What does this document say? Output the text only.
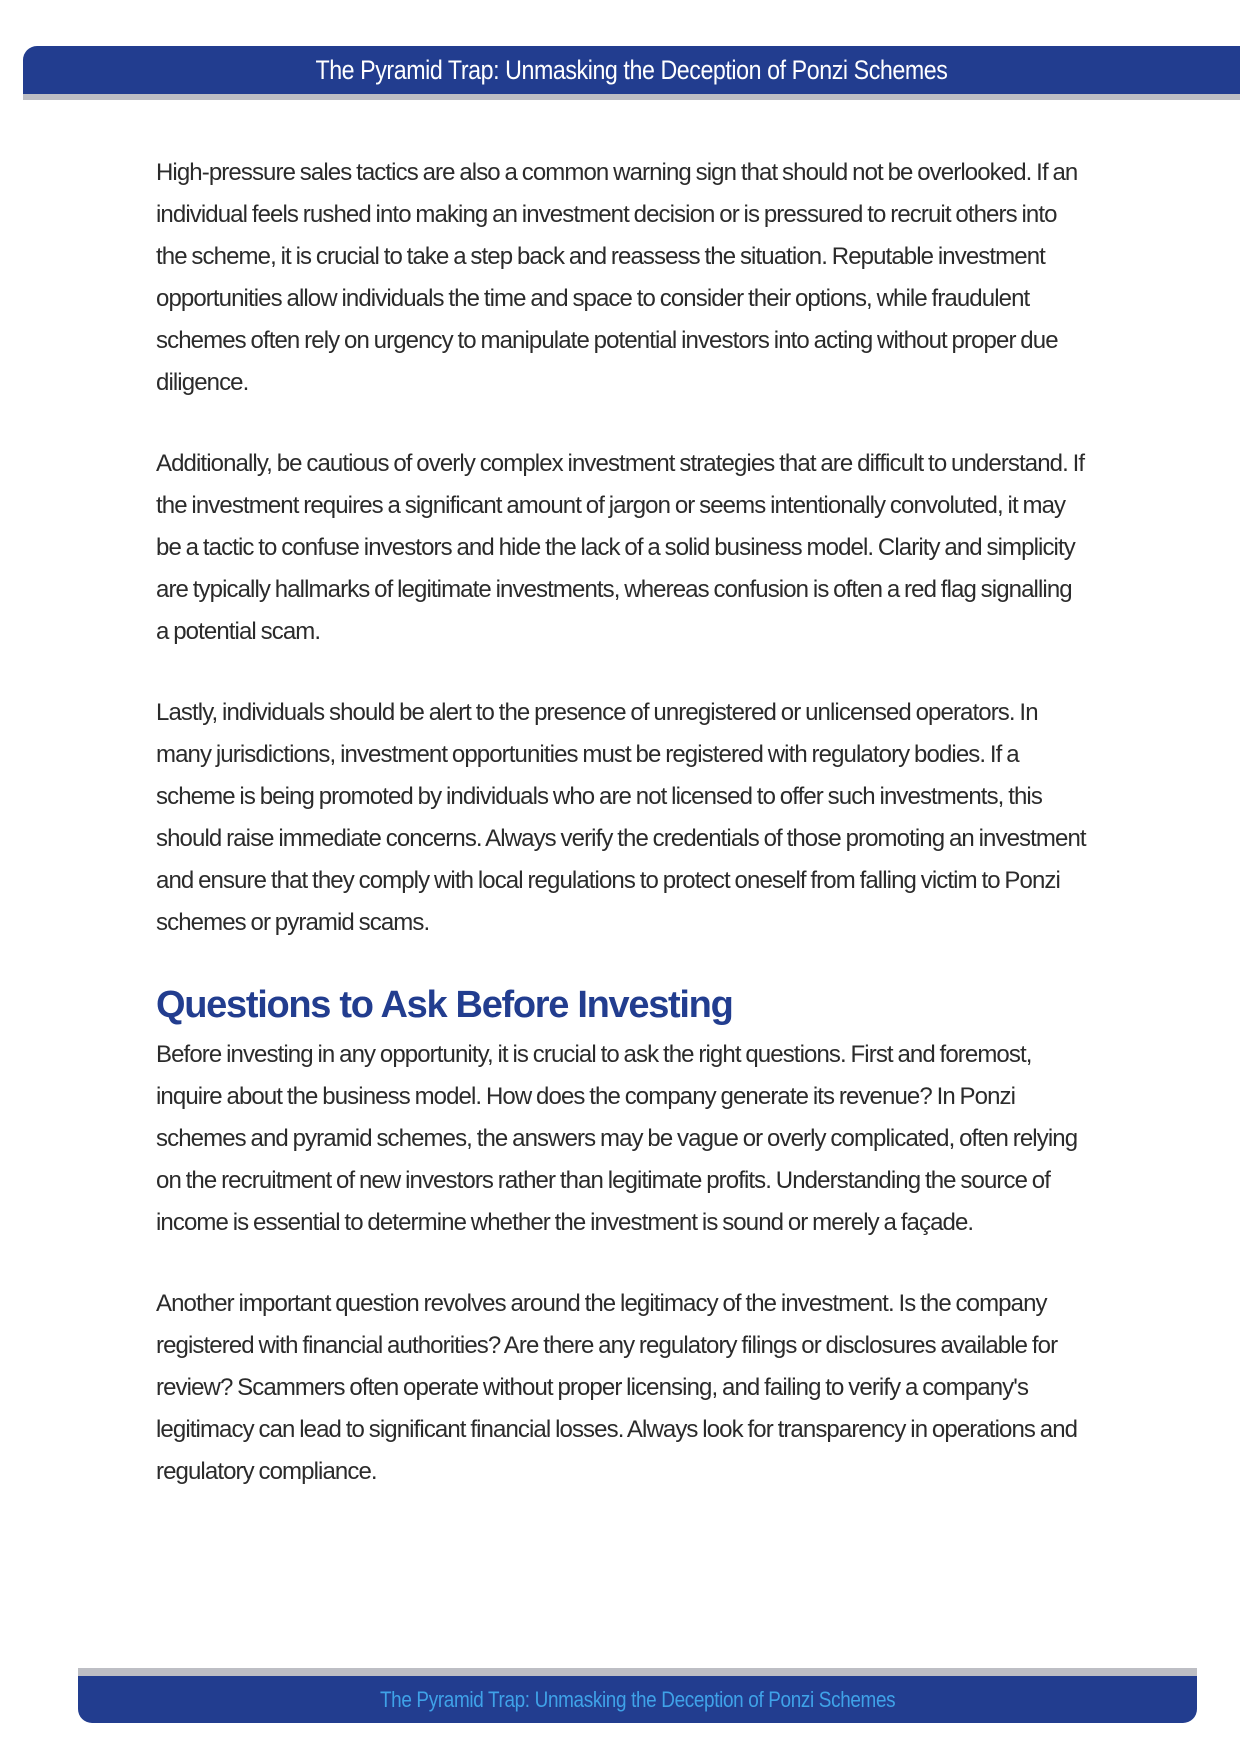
The Pyramid Trap: Unmasking the Deception of Ponzi Schemes

High-pressure sales tactics are also a common warning sign that should not be overlooked. If an individual feels rushed into making an investment decision or is pressured to recruit others into the scheme, it is crucial to take a step back and reassess the situation. Reputable investment opportunities allow individuals the time and space to consider their options, while fraudulent schemes often rely on urgency to manipulate potential investors into acting without proper due diligence.

Additionally, be cautious of overly complex investment strategies that are difficult to understand. If the investment requires a significant amount of jargon or seems intentionally convoluted, it may be a tactic to confuse investors and hide the lack of a solid business model. Clarity and simplicity are typically hallmarks of legitimate investments, whereas confusion is often a red flag signalling a potential scam.

Lastly, individuals should be alert to the presence of unregistered or unlicensed operators. In many jurisdictions, investment opportunities must be registered with regulatory bodies. If a scheme is being promoted by individuals who are not licensed to offer such investments, this should raise immediate concerns. Always verify the credentials of those promoting an investment and ensure that they comply with local regulations to protect oneself from falling victim to Ponzi schemes or pyramid scams.

Questions to Ask Before Investing

Before investing in any opportunity, it is crucial to ask the right questions. First and foremost, inquire about the business model. How does the company generate its revenue? In Ponzi schemes and pyramid schemes, the answers may be vague or overly complicated, often relying on the recruitment of new investors rather than legitimate profits. Understanding the source of income is essential to determine whether the investment is sound or merely a façade.

Another important question revolves around the legitimacy of the investment. Is the company registered with financial authorities? Are there any regulatory filings or disclosures available for review? Scammers often operate without proper licensing, and failing to verify a company's legitimacy can lead to significant financial losses. Always look for transparency in operations and regulatory compliance.

The Pyramid Trap: Unmasking the Deception of Ponzi Schemes
